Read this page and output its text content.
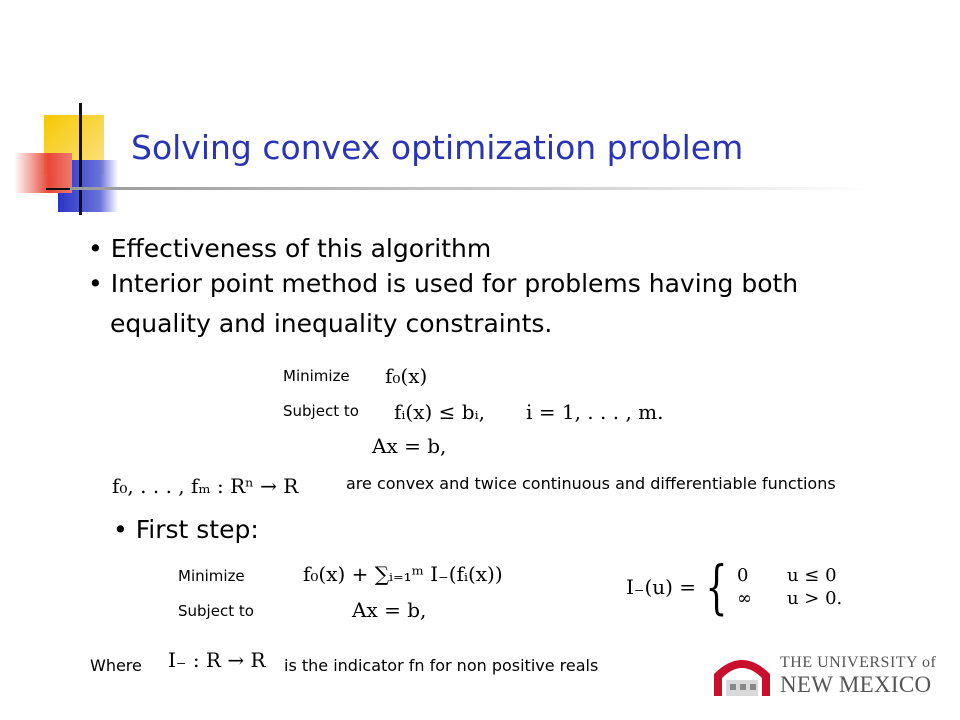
Solving convex optimization problem
• Effectiveness of this algorithm
• Interior point method is used for problems having both
equality and inequality constraints.
Minimize f₀(x)
Subject to fᵢ(x) ≤ bᵢ, i = 1, . . . , m.
Ax = b,
f₀, . . . , fₘ : Rⁿ → R	are convex and twice continuous and differentiable functions
• First step:
Minimize	f₀(x) + ∑ᵢ₌₁ᵐ I₋(fᵢ(x))
Subject to	Ax = b,
I₋(u) = { 0	u ≤ 0
∞	u > 0.
Where I₋ : R → R is the indicator fn for non positive reals	THE UNIVERSITY of
NEW MEXICO
